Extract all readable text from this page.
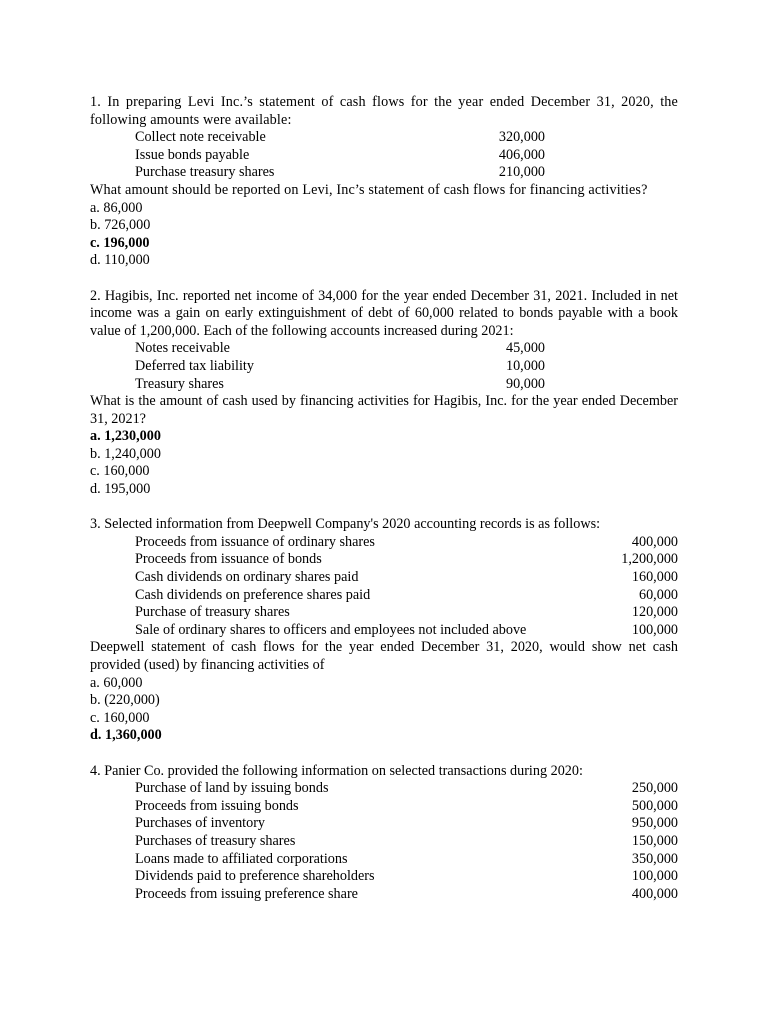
1. In preparing Levi Inc.’s statement of cash flows for the year ended December 31, 2020, the following amounts were available:

Collect note receivable	320,000
Issue bonds payable	406,000
Purchase treasury shares	210,000

What amount should be reported on Levi, Inc’s statement of cash flows for financing activities?

a. 86,000

b. 726,000

c. 196,000

d. 110,000

2. Hagibis, Inc. reported net income of 34,000 for the year ended December 31, 2021. Included in net income was a gain on early extinguishment of debt of 60,000 related to bonds payable with a book value of 1,200,000. Each of the following accounts increased during 2021:

Notes receivable	45,000
Deferred tax liability	10,000
Treasury shares	90,000

What is the amount of cash used by financing activities for Hagibis, Inc. for the year ended December 31, 2021?

a. 1,230,000

b. 1,240,000

c. 160,000

d. 195,000

3. Selected information from Deepwell Company's 2020 accounting records is as follows:

Proceeds from issuance of ordinary shares	400,000
Proceeds from issuance of bonds	1,200,000
Cash dividends on ordinary shares paid	160,000
Cash dividends on preference shares paid	60,000
Purchase of treasury shares	120,000
Sale of ordinary shares to officers and employees not included above	100,000

Deepwell statement of cash flows for the year ended December 31, 2020, would show net cash provided (used) by financing activities of

a. 60,000

b. (220,000)

c. 160,000

d. 1,360,000

4. Panier Co. provided the following information on selected transactions during 2020:

Purchase of land by issuing bonds	250,000
Proceeds from issuing bonds	500,000
Purchases of inventory	950,000
Purchases of treasury shares	150,000
Loans made to affiliated corporations	350,000
Dividends paid to preference shareholders	100,000
Proceeds from issuing preference share	400,000
